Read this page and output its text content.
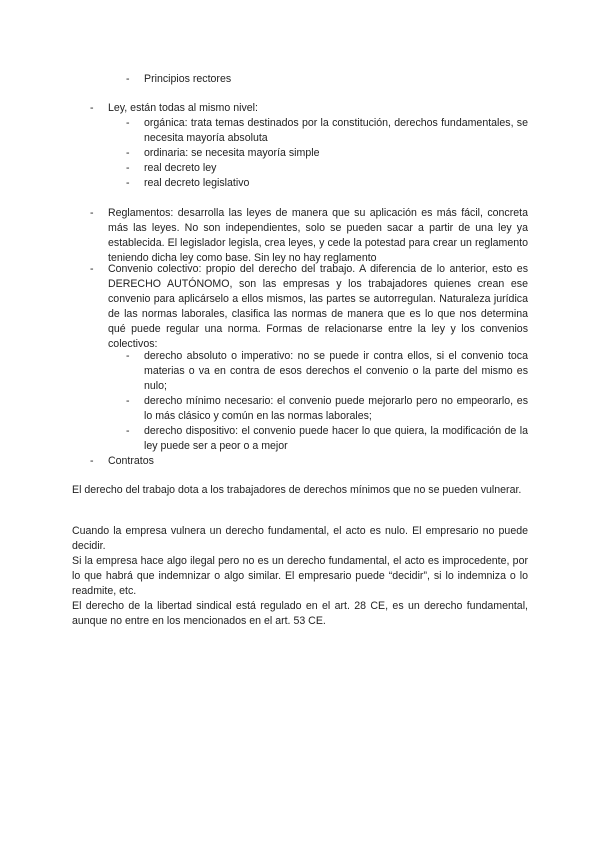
-	Principios rectores
-	Ley, están todas al mismo nivel:
-	orgánica: trata temas destinados por la constitución, derechos fundamentales, se necesita mayoría absoluta
-	ordinaria: se necesita mayoría simple
-	real decreto ley
-	real decreto legislativo
-	Reglamentos: desarrolla las leyes de manera que su aplicación es más fácil, concreta más las leyes. No son independientes, solo se pueden sacar a partir de una ley ya establecida. El legislador legisla, crea leyes, y cede la potestad para crear un reglamento teniendo dicha ley como base. Sin ley no hay reglamento
-	Convenio colectivo: propio del derecho del trabajo. A diferencia de lo anterior, esto es DERECHO AUTÓNOMO, son las empresas y los trabajadores quienes crean ese convenio para aplicárselo a ellos mismos, las partes se autorregulan. Naturaleza jurídica de las normas laborales, clasifica las normas de manera que es lo que nos determina qué puede regular una norma. Formas de relacionarse entre la ley y los convenios colectivos:
-	derecho absoluto o imperativo: no se puede ir contra ellos, si el convenio toca materias o va en contra de esos derechos el convenio o la parte del mismo es nulo;
-	derecho mínimo necesario: el convenio puede mejorarlo pero no empeorarlo, es lo más clásico y común en las normas laborales;
-	derecho dispositivo: el convenio puede hacer lo que quiera, la modificación de la ley puede ser a peor o a mejor
-	Contratos

El derecho del trabajo dota a los trabajadores de derechos mínimos que no se pueden vulnerar.

Cuando la empresa vulnera un derecho fundamental, el acto es nulo. El empresario no puede decidir.

Si la empresa hace algo ilegal pero no es un derecho fundamental, el acto es improcedente, por lo que habrá que indemnizar o algo similar. El empresario puede “decidir”, si lo indemniza o lo readmite, etc.

El derecho de la libertad sindical está regulado en el art. 28 CE, es un derecho fundamental, aunque no entre en los mencionados en el art. 53 CE.
